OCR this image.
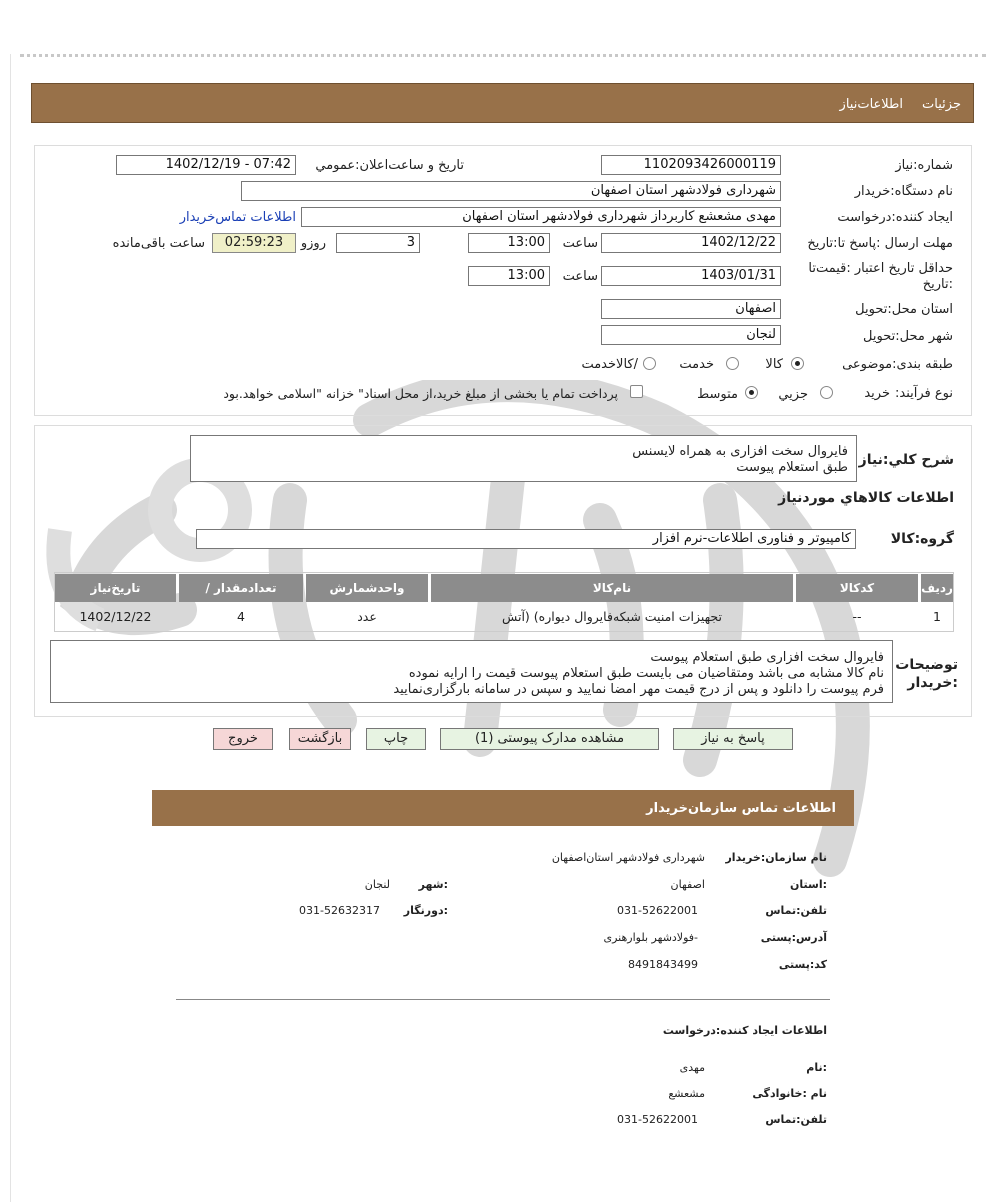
جزئیات
اطلاعات‌نیاز
شماره:نیاز
1102093426000119
تاریخ و ساعت‌اعلان:عمومي
1402/12/19 - 07:42
نام دستگاه:خریدار
شهرداری فولادشهر استان اصفهان
ایجاد کننده:درخواست
مهدی مشعشع کاربرداز شهرداری فولادشهر استان اصفهان
اطلاعات تماس‌خریدار
مهلت ارسال :پاسخ تا:تاریخ
1402/12/22
ساعت
13:00
3
روزو
02:59:23
ساعت باقی‌مانده
حداقل تاریخ اعتبار :قیمت‌تا
:تاریخ
1403/01/31
ساعت
13:00
استان محل:تحویل
اصفهان
شهر محل:تحویل
لنجان
طبقه بندی:موضوعی
کالا
خدمت
/کالاخدمت
نوع فرآیند:
خرید
جزیي
متوسط
پرداخت تمام یا بخشی از مبلغ خرید،از محل اسناد" خزانه "اسلامی خواهد.بود
شرح کلي:نیاز
فایروال سخت افزاری به همراه لایسنس
طبق استعلام پیوست
اطلاعات کالاهاي موردنیاز
گروه:کالا
کامپیوتر و فناوری اطلاعات-نرم افزار
ردیف
کدکالا
نام‌کالا
واحدشمارش
/ تعدادمقدار
تاریخ‌نیاز
1
--
تجهیزات امنیت شبکه‌فایروال دیواره) (آتش
عدد
4
1402/12/22
توضیحات
:خریدار
فایروال سخت افزاری طبق استعلام پیوست
نام کالا مشابه می باشد ومتقاضیان می بایست طبق استعلام پیوست قیمت را ارایه نموده
فرم پیوست را دانلود و پس از درج قیمت مهر امضا نمایید و سپس در سامانه بارگزاری‌نمایید
پاسخ به نیاز
مشاهده مدارک پیوستی (1)
چاپ
بازگشت
خروج
اطلاعات تماس سازمان‌خریدار
نام سازمان:خریدار
شهرداری فولادشهر استان‌اصفهان
:استان
اصفهان
:شهر
لنجان
تلفن:تماس
031-52622001
:دورنگار
031-52632317
آدرس:پستی
-فولادشهر بلوارهنری
کد:پستی
8491843499
اطلاعات ایجاد کننده:درخواست
:نام
مهدی
نام :خانوادگی
مشعشع
تلفن:تماس
031-52622001
